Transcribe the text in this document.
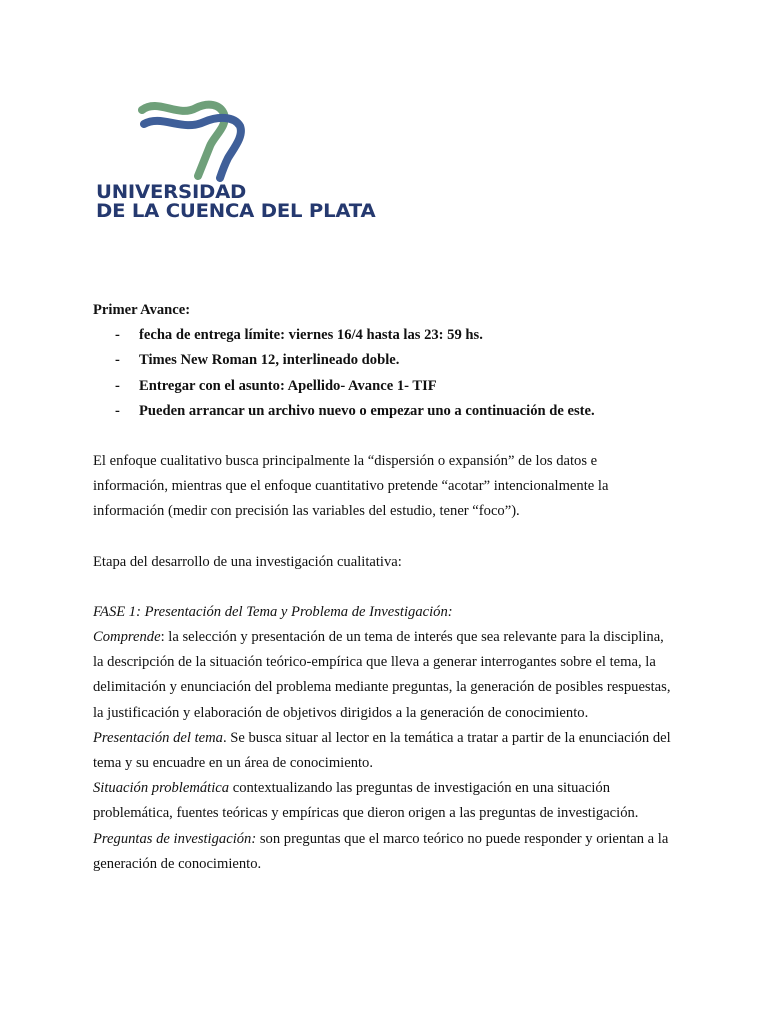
UNIVERSIDAD
DE LA CUENCA DEL PLATA

Primer Avance:

- fecha de entrega límite: viernes 16/4 hasta las 23: 59 hs.
- Times New Roman 12, interlineado doble.
- Entregar con el asunto: Apellido- Avance 1- TIF
- Pueden arrancar un archivo nuevo o empezar uno a continuación de este.

El enfoque cualitativo busca principalmente la “dispersión o expansión” de los datos e información, mientras que el enfoque cuantitativo pretende “acotar” intencionalmente la información (medir con precisión las variables del estudio, tener “foco”).

Etapa del desarrollo de una investigación cualitativa:

FASE 1: Presentación del Tema y Problema de Investigación:

Comprende: la selección y presentación de un tema de interés que sea relevante para la disciplina, la descripción de la situación teórico-empírica que lleva a generar interrogantes sobre el tema, la delimitación y enunciación del problema mediante preguntas, la generación de posibles respuestas, la justificación y elaboración de objetivos dirigidos a la generación de conocimiento.

Presentación del tema. Se busca situar al lector en la temática a tratar a partir de la enunciación del tema y su encuadre en un área de conocimiento.

Situación problemática contextualizando las preguntas de investigación en una situación problemática, fuentes teóricas y empíricas que dieron origen a las preguntas de investigación.

Preguntas de investigación: son preguntas que el marco teórico no puede responder y orientan a la generación de conocimiento.
